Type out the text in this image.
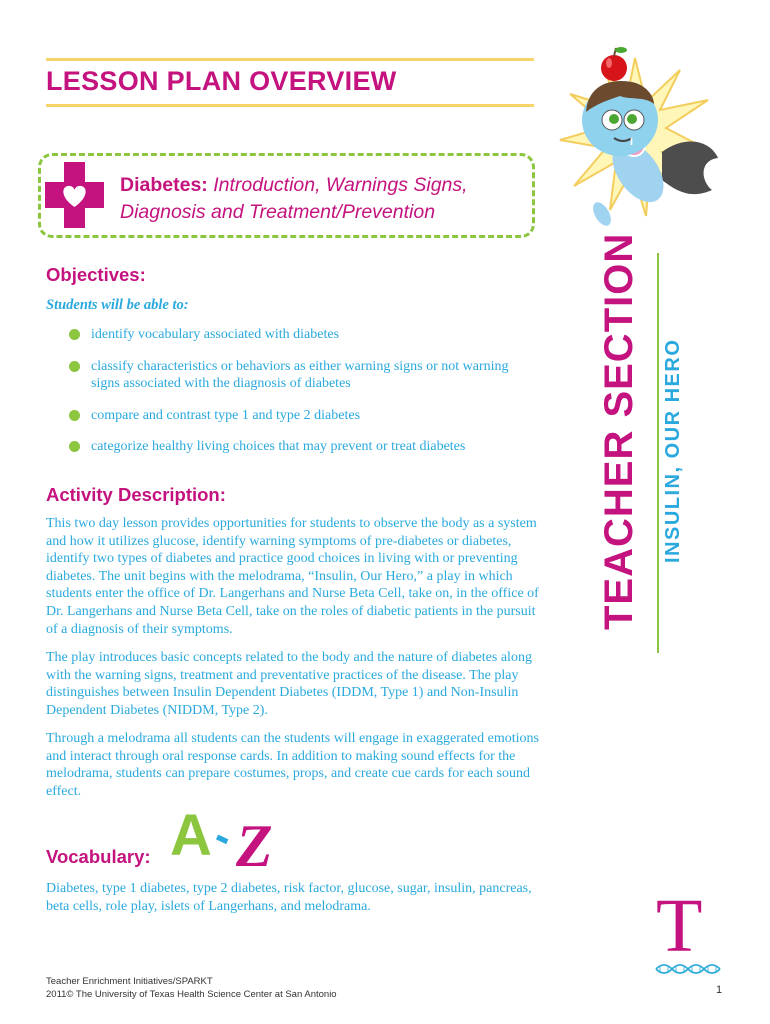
LESSON PLAN OVERVIEW
Diabetes: Introduction, Warnings Signs, Diagnosis and Treatment/Prevention
Objectives:
Students will be able to:
identify vocabulary associated with diabetes
classify characteristics or behaviors as either warning signs or not warning signs associated with the diagnosis of diabetes
compare and contrast type 1 and type 2 diabetes
categorize healthy living choices that may prevent or treat diabetes
Activity Description:

This two day lesson provides opportunities for students to observe the body as a system and how it utilizes glucose, identify warning symptoms of pre-diabetes or diabetes, identify two types of diabetes and practice good choices in living with or preventing diabetes. The unit begins with the melodrama, “Insulin, Our Hero,” a play in which students enter the office of Dr. Langerhans and Nurse Beta Cell, take on, in the office of Dr. Langerhans and Nurse Beta Cell, take on the roles of diabetic patients in the pursuit of a diagnosis of their symptoms.

The play introduces basic concepts related to the body and the nature of diabetes along with the warning signs, treatment and preventative practices of the disease. The play distinguishes between Insulin Dependent Diabetes (IDDM, Type 1) and Non-Insulin Dependent Diabetes (NIDDM, Type 2).

Through a melodrama all students can the students will engage in exaggerated emotions and interact through oral response cards. In addition to making sound effects for the melodrama, students can prepare costumes, props, and create cue cards for each sound effect.

Vocabulary: A
-
Z

Diabetes, type 1 diabetes, type 2 diabetes, risk factor, glucose, sugar, insulin, pancreas, beta cells, role play, islets of Langerhans, and melodrama.

I
TEACHER SECTION INSULIN, OUR HERO
T
Teacher Enrichment Initiatives/SPARKT
2011© The University of Texas Health Science Center at San Antonio	1
